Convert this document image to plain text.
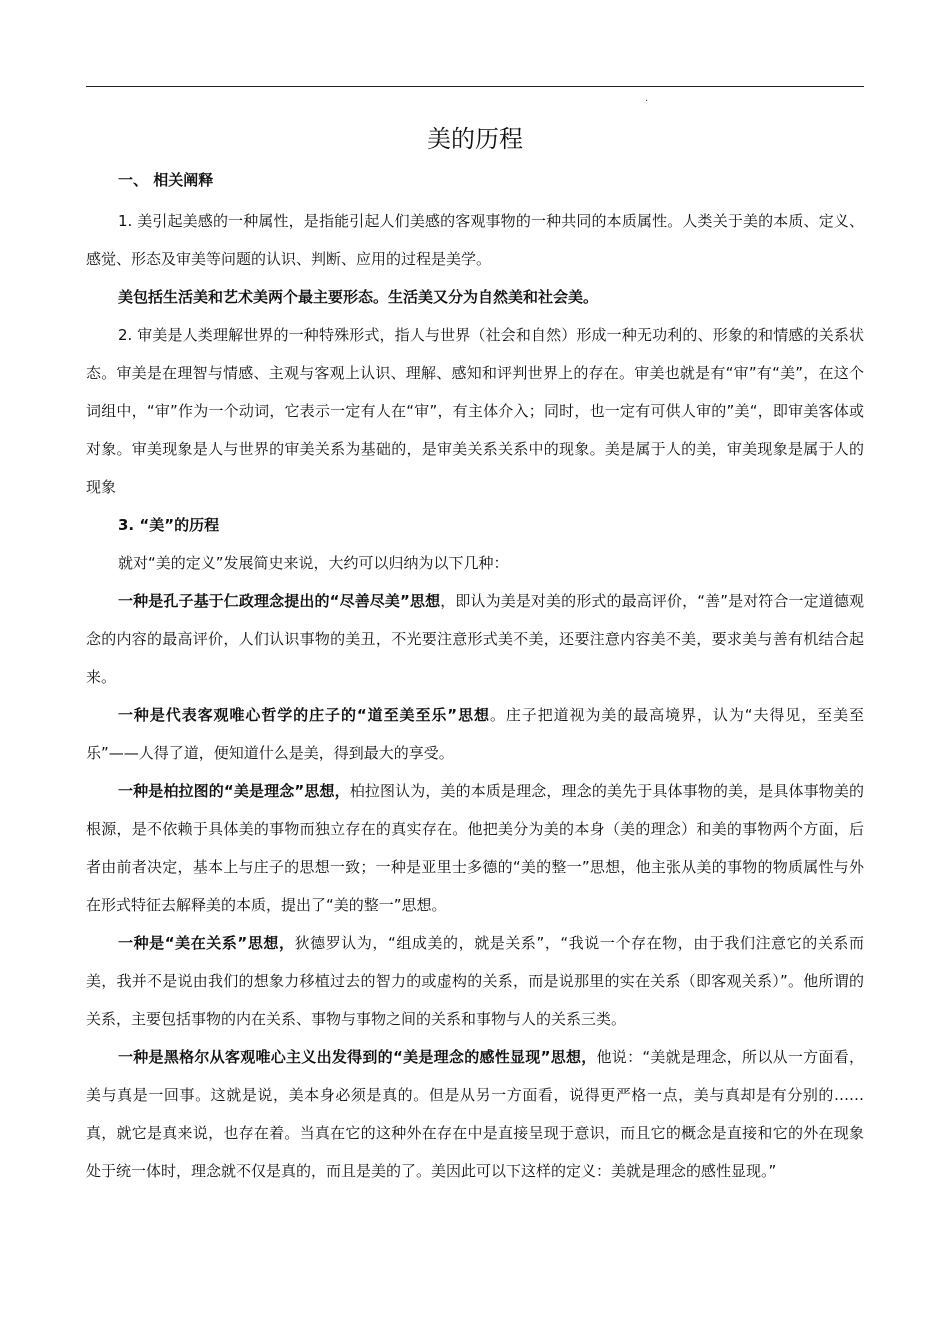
.
美的历程
一、 相关阐释

1. 美引起美感的一种属性，是指能引起人们美感的客观事物的一种共同的本质属性。人类关于美的本质、定义、感觉、形态及审美等问题的认识、判断、应用的过程是美学。

美包括生活美和艺术美两个最主要形态。生活美又分为自然美和社会美。

2. 审美是人类理解世界的一种特殊形式，指人与世界（社会和自然）形成一种无功利的、形象的和情感的关系状态。审美是在理智与情感、主观与客观上认识、理解、感知和评判世界上的存在。审美也就是有“审”有“美”，在这个词组中，“审”作为一个动词，它表示一定有人在“审”，有主体介入；同时，也一定有可供人审的”美“，即审美客体或对象。审美现象是人与世界的审美关系为基础的，是审美关系关系中的现象。美是属于人的美，审美现象是属于人的现象

3. “美”的历程

就对“美的定义”发展简史来说，大约可以归纳为以下几种：

一种是孔子基于仁政理念提出的“尽善尽美”思想，即认为美是对美的形式的最高评价，“善”是对符合一定道德观念的内容的最高评价，人们认识事物的美丑，不光要注意形式美不美，还要注意内容美不美，要求美与善有机结合起来。

一种是代表客观唯心哲学的庄子的“道至美至乐”思想。庄子把道视为美的最高境界，认为“夫得见，至美至乐”——人得了道，便知道什么是美，得到最大的享受。

一种是柏拉图的“美是理念”思想，柏拉图认为，美的本质是理念，理念的美先于具体事物的美，是具体事物美的根源，是不依赖于具体美的事物而独立存在的真实存在。他把美分为美的本身（美的理念）和美的事物两个方面，后者由前者决定，基本上与庄子的思想一致；一种是亚里士多德的“美的整一”思想，他主张从美的事物的物质属性与外在形式特征去解释美的本质，提出了“美的整一”思想。

一种是“美在关系”思想，狄德罗认为，“组成美的，就是关系”，“我说一个存在物，由于我们注意它的关系而美，我并不是说由我们的想象力移植过去的智力的或虚构的关系，而是说那里的实在关系（即客观关系）”。他所谓的关系，主要包括事物的内在关系、事物与事物之间的关系和事物与人的关系三类。

一种是黑格尔从客观唯心主义出发得到的“美是理念的感性显现”思想，他说：“美就是理念，所以从一方面看，美与真是一回事。这就是说，美本身必须是真的。但是从另一方面看，说得更严格一点，美与真却是有分别的……真，就它是真来说，也存在着。当真在它的这种外在存在中是直接呈现于意识，而且它的概念是直接和它的外在现象处于统一体时，理念就不仅是真的，而且是美的了。美因此可以下这样的定义：美就是理念的感性显现。”
